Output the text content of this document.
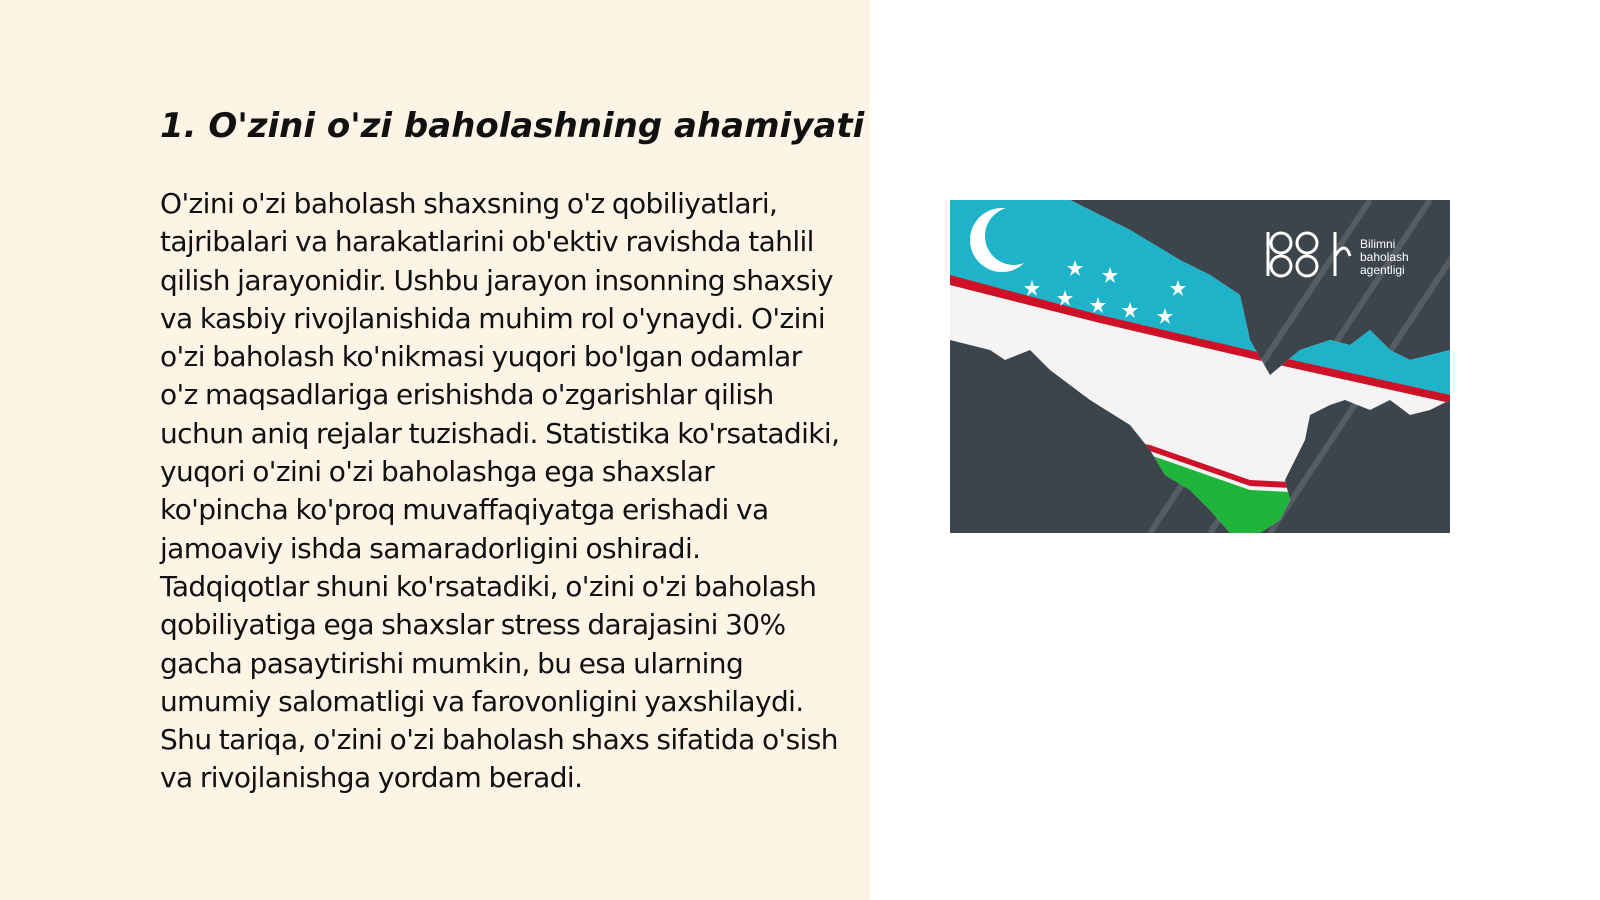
1. O'zini o'zi baholashning ahamiyati

O'zini o'zi baholash shaxsning o'z qobiliyatlari, tajribalari va harakatlarini ob'ektiv ravishda tahlil qilish jarayonidir. Ushbu jarayon insonning shaxsiy va kasbiy rivojlanishida muhim rol o'ynaydi. O'zini o'zi baholash ko'nikmasi yuqori bo'lgan odamlar o'z maqsadlariga erishishda o'zgarishlar qilish uchun aniq rejalar tuzishadi. Statistika ko'rsatadiki, yuqori o'zini o'zi baholashga ega shaxslar ko'pincha ko'proq muvaffaqiyatga erishadi va jamoaviy ishda samaradorligini oshiradi. Tadqiqotlar shuni ko'rsatadiki, o'zini o'zi baholash qobiliyatiga ega shaxslar stress darajasini 30% gacha pasaytirishi mumkin, bu esa ularning umumiy salomatligi va farovonligini yaxshilaydi. Shu tariqa, o'zini o'zi baholash shaxs sifatida o'sish va rivojlanishga yordam beradi.

Bilimni
baholash
agentligi
